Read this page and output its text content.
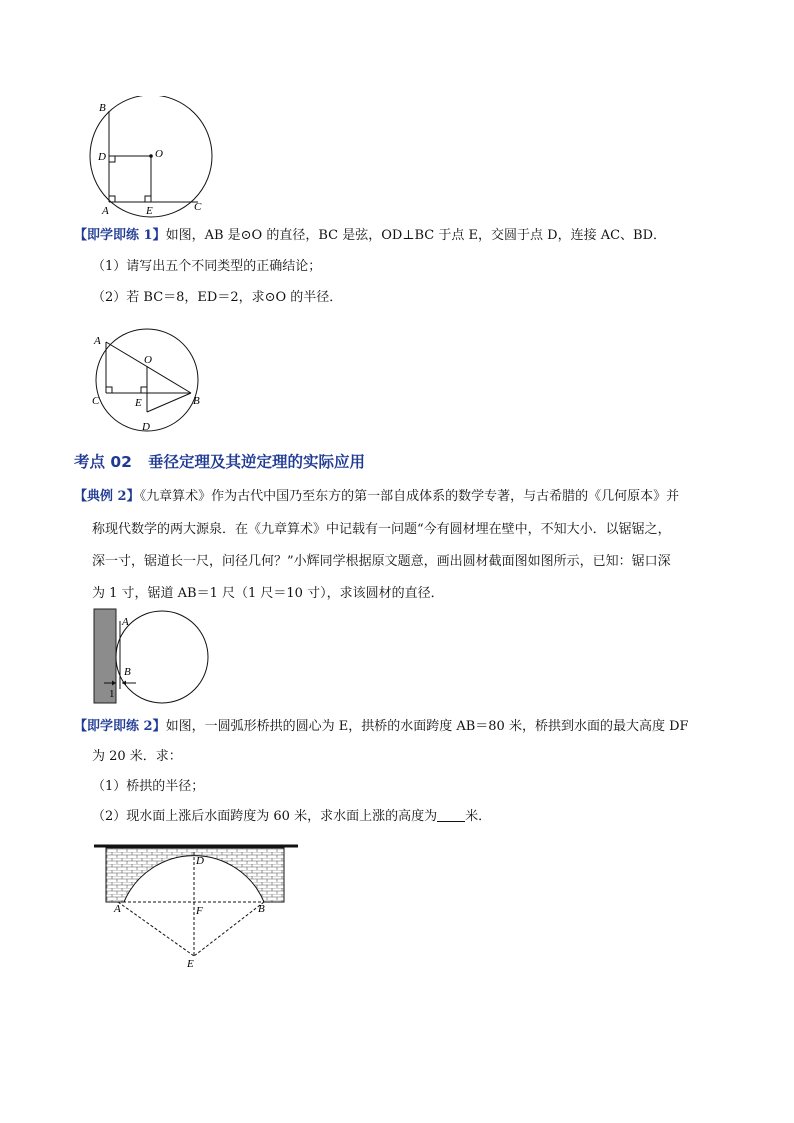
B
D	O
A	E	C
【即学即练 1】如图，AB 是⊙O 的直径，BC 是弦，OD⊥BC 于点 E，交圆于点 D，连接 AC、BD．
（1）请写出五个不同类型的正确结论；
（2）若 BC＝8，ED＝2，求⊙O 的半径．
A
O
C	E	B
D
考点 02 垂径定理及其逆定理的实际应用
【典例 2】《九章算术》作为古代中国乃至东方的第一部自成体系的数学专著，与古希腊的《几何原本》并
称现代数学的两大源泉．在《九章算术》中记载有一问题“今有圆材埋在壁中，不知大小．以锯锯之，
深一寸，锯道长一尺，问径几何？”小辉同学根据原文题意，画出圆材截面图如图所示，已知：锯口深
为 1 寸，锯道 AB＝1 尺（1 尺＝10 寸），求该圆材的直径．
A
B
1
【即学即练 2】如图，一圆弧形桥拱的圆心为 E，拱桥的水面跨度 AB＝80 米，桥拱到水面的最大高度 DF
为 20 米．求：
（1）桥拱的半径；
（2）现水面上涨后水面跨度为 60 米，求水面上涨的高度为 米．
D
A	F	B
E
